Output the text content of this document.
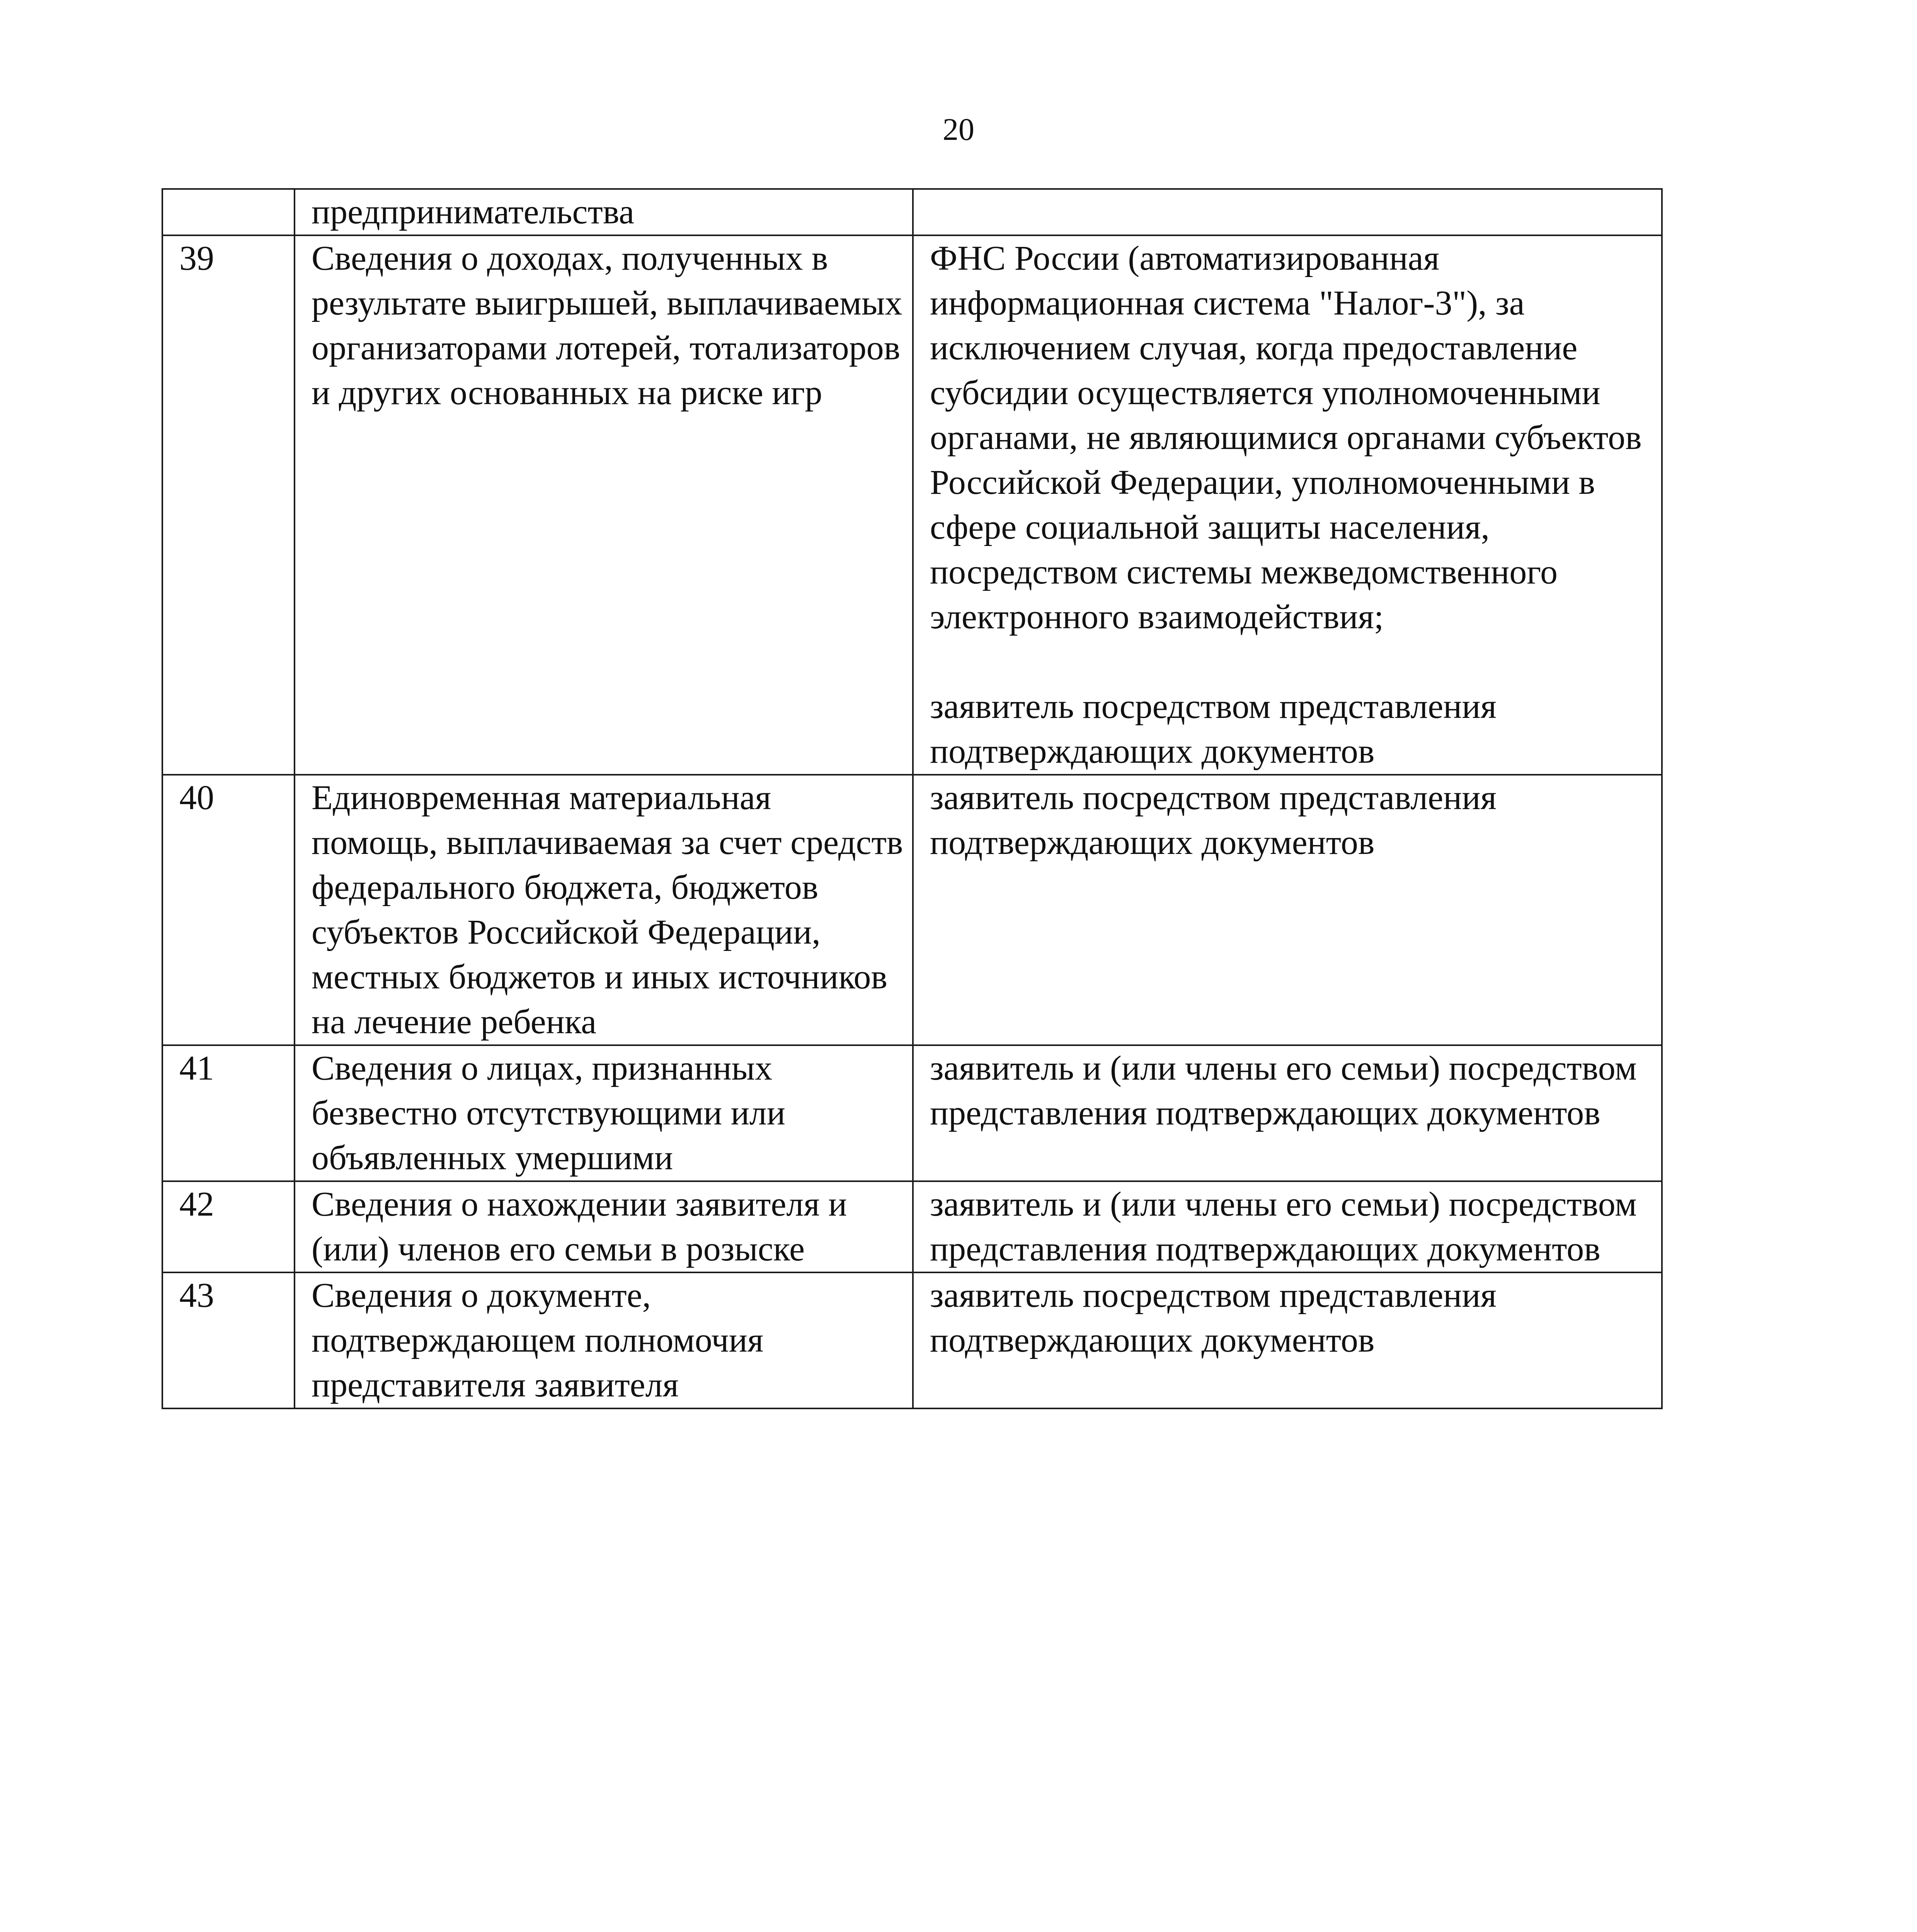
20
	предпринимательства	
39	Сведения о доходах, полученных в результате выигрышей, выплачиваемых организаторами лотерей, тотализаторов и других основанных на риске игр	ФНС России (автоматизированная информационная система "Налог-3"), за исключением случая, когда предоставление субсидии осуществляется уполномоченными органами, не являющимися органами субъектов Российской Федерации, уполномоченными в сфере социальной защиты населения, посредством системы межведомственного электронного взаимодействия;
заявитель посредством представления подтверждающих документов

40	Единовременная материальная помощь, выплачиваемая за счет средств федерального бюджета, бюджетов субъектов Российской Федерации, местных бюджетов и иных источников на лечение ребенка	заявитель посредством представления подтверждающих документов
41	Сведения о лицах, признанных безвестно отсутствующими или объявленных умершими	заявитель и (или члены его семьи) посредством представления подтверждающих документов
42	Сведения о нахождении заявителя и (или) членов его семьи в розыске	заявитель и (или члены его семьи) посредством представления подтверждающих документов
43	Сведения о документе, подтверждающем полномочия представителя заявителя	заявитель посредством представления подтверждающих документов
